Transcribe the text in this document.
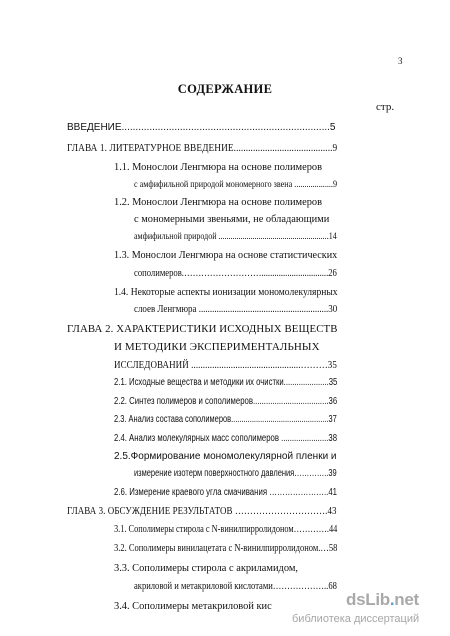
3
СОДЕРЖАНИЕ
стр.
ВВЕДЕНИЕ...........................................................................5
ГЛАВА 1. ЛИТЕРАТУРНОЕ ВВЕДЕНИЕ.........................................9
1.1. Монослои Ленгмюра на основе полимеров
с амфифильной природой мономерного звена ...................9
1.2. Монослои Ленгмюра на основе полимеров
с мономерными звеньями, не обладающими
амфифильной природой .......................................................14
1.3. Монослои Ленгмюра на основе статистических
сополимеров.………………………...............................26
1.4. Некоторые аспекты ионизации мономолекулярных
слоев Ленгмюра ..........................................................30
ГЛАВА 2. ХАРАКТЕРИСТИКИ ИСХОДНЫХ ВЕЩЕСТВ
И МЕТОДИКИ ЭКСПЕРИМЕНТАЛЬНЫХ
ИССЛЕДОВАНИЙ ...............................................………35
2.1. Исходные вещества и методики их очистки.....................35
2.2. Синтез полимеров и сополимеров...................................36
2.3. Анализ состава сополимеров...............................................37
2.4. Анализ молекулярных масс сополимеров ......................38
2.5.Формирование мономолекулярной пленки и
измерение изотерм поверхностного давления…………..39
2.6. Измерение краевого угла смачивания …………………..41
ГЛАВА 3. ОБСУЖДЕНИЕ РЕЗУЛЬТАТОВ ………………………….43
3.1. Сополимеры стирола с N-винилпирролидоном………….44
3.2. Сополимеры винилацетата с N-винилпирролидоном.…58
3.3. Сополимеры стирола с акриламидом,
акриловой и метакриловой кислотами………………..68
3.4. Сополимеры метакриловой кис	dsLib.net
библиотека диссертаций
